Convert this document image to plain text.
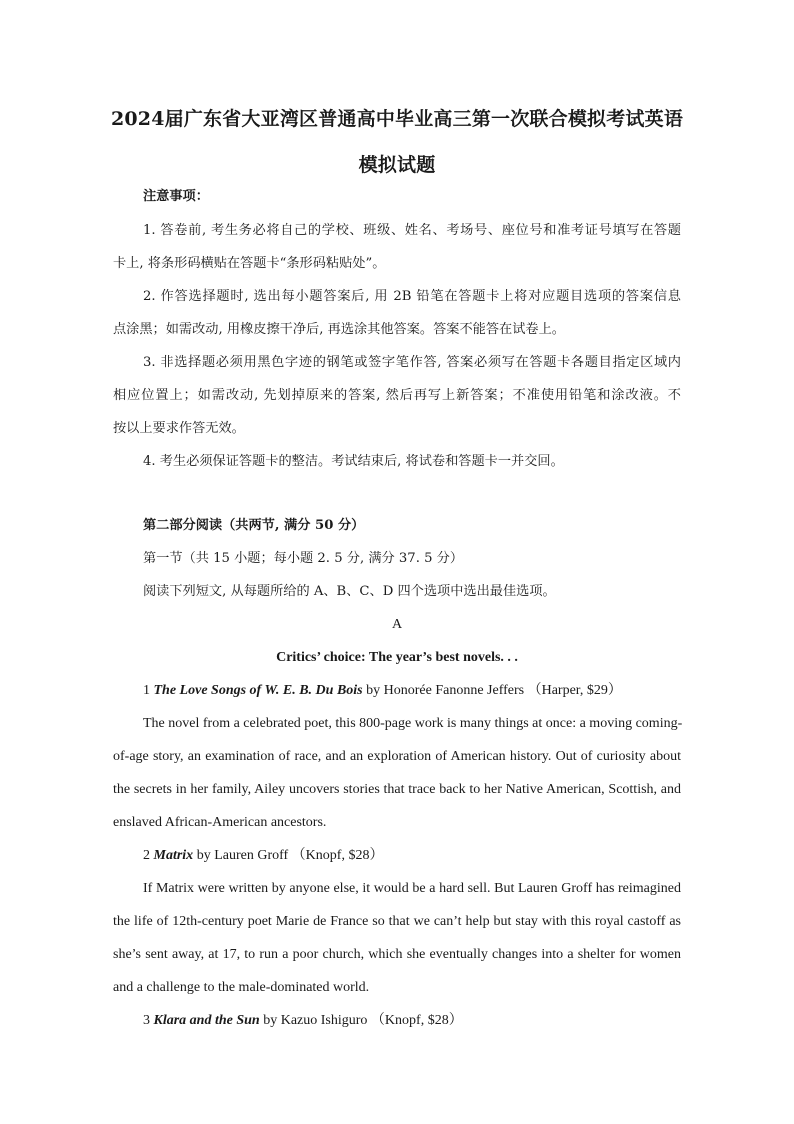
2024届广东省大亚湾区普通高中毕业高三第一次联合模拟考试英语
模拟试题
注意事项：
1. 答卷前, 考生务必将自己的学校、班级、姓名、考场号、座位号和准考证号填写在答题
卡上, 将条形码横贴在答题卡“条形码粘贴处”。
2. 作答选择题时, 选出每小题答案后, 用 2B 铅笔在答题卡上将对应题目选项的答案信息
点涂黑；如需改动, 用橡皮擦干净后, 再选涂其他答案。答案不能答在试卷上。
3. 非选择题必须用黑色字迹的钢笔或签字笔作答, 答案必须写在答题卡各题目指定区域内
相应位置上；如需改动, 先划掉原来的答案, 然后再写上新答案；不准使用铅笔和涂改液。不
按以上要求作答无效。
4. 考生必须保证答题卡的整洁。考试结束后, 将试卷和答题卡一并交回。
第二部分阅读（共两节, 满分 50 分）
第一节（共 15 小题；每小题 2. 5 分, 满分 37. 5 分）
阅读下列短文, 从每题所给的 A、B、C、D 四个选项中选出最佳选项。
A
Critics’ choice: The year’s best novels. . .
1 The Love Songs of W. E. B. Du Bois by Honorée Fanonne Jeffers （Harper, $29）
The novel from a celebrated poet, this 800-page work is many things at once: a moving coming-
of-age story, an examination of race, and an exploration of American history. Out of curiosity about
the secrets in her family, Ailey uncovers stories that trace back to her Native American, Scottish, and
enslaved African-American ancestors.
2 Matrix by Lauren Groff （Knopf, $28）
If Matrix were written by anyone else, it would be a hard sell. But Lauren Groff has reimagined
the life of 12th-century poet Marie de France so that we can’t help but stay with this royal castoff as
she’s sent away, at 17, to run a poor church, which she eventually changes into a shelter for women
and a challenge to the male-dominated world.
3 Klara and the Sun by Kazuo Ishiguro （Knopf, $28）
